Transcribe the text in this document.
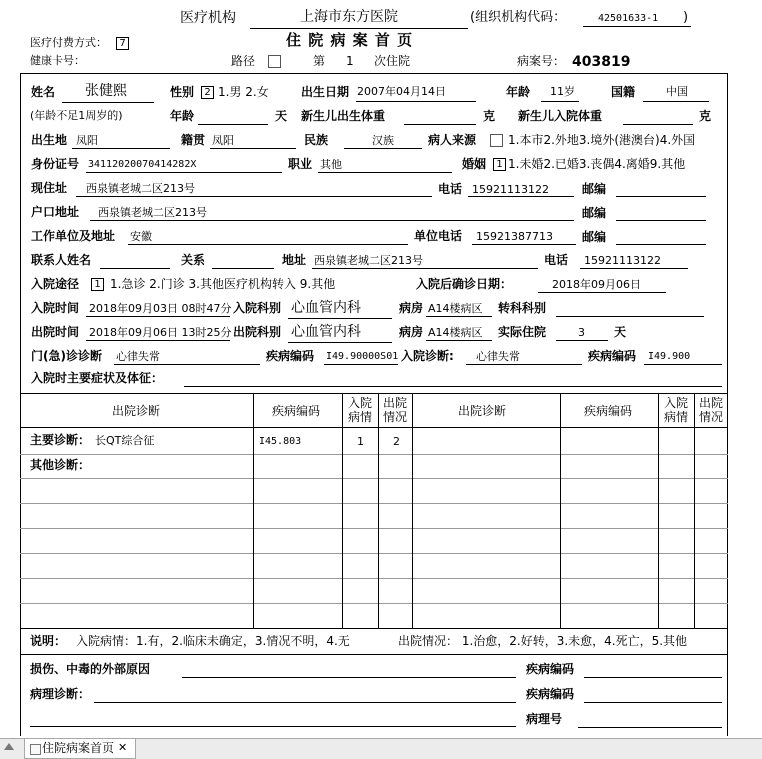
医疗机构	上海市东方医院	(组织机构代码：	42501633-1 )
医疗付费方式：	7	住 院 病 案 首 页
健康卡号：	路径	第 1 次住院	病案号： 403819
姓名 张健熙	性别	2 1.男 2.女	出生日期 2007年04月14日	年龄 11岁	国籍	中国
(年龄不足1周岁的)	年龄	天 新生儿出生体重	克 新生儿入院体重	克
出生地 凤阳	籍贯 凤阳	民族	汉族	病人来源	1.本市2.外地3.境外(港澳台)4.外国
身份证号 34112020070414282X	职业 其他	婚姻	1 1.未婚2.已婚3.丧偶4.离婚9.其他
现住址 西泉镇老城二区213号	电话 15921113122	邮编
户口地址 西泉镇老城二区213号	邮编
工作单位及地址 安徽	单位电话 15921387713 邮编
联系人姓名	关系	地址 西泉镇老城二区213号	电话 15921113122
入院途径	1 1.急诊 2.门诊 3.其他医疗机构转入 9.其他	入院后确诊日期：	2018年09月06日
入院时间 2018年09月03日 08时47分 入院科别 心血管内科	病房 A14楼病区 转科科别
出院时间 2018年09月06日 13时25分 出院科别 心血管内科	病房 A14楼病区 实际住院	3 天
门(急)诊诊断 心律失常	疾病编码 I49.90000S01 入院诊断: 心律失常	疾病编码 I49.900
入院时主要症状及体征：
出院诊断	疾病编码
入院
病情
出院
情况	出院诊断	疾病编码
入院
病情
出院
情况
主要诊断： 长QT综合征	I45.803	1	2
其他诊断：
说明： 入院病情：1.有，2.临床未确定，3.情况不明，4.无	出院情况： 1.治愈，2.好转，3.未愈，4.死亡，5.其他
损伤、中毒的外部原因	疾病编码
病理诊断：	疾病编码
病理号
住院病案首页 ✕
